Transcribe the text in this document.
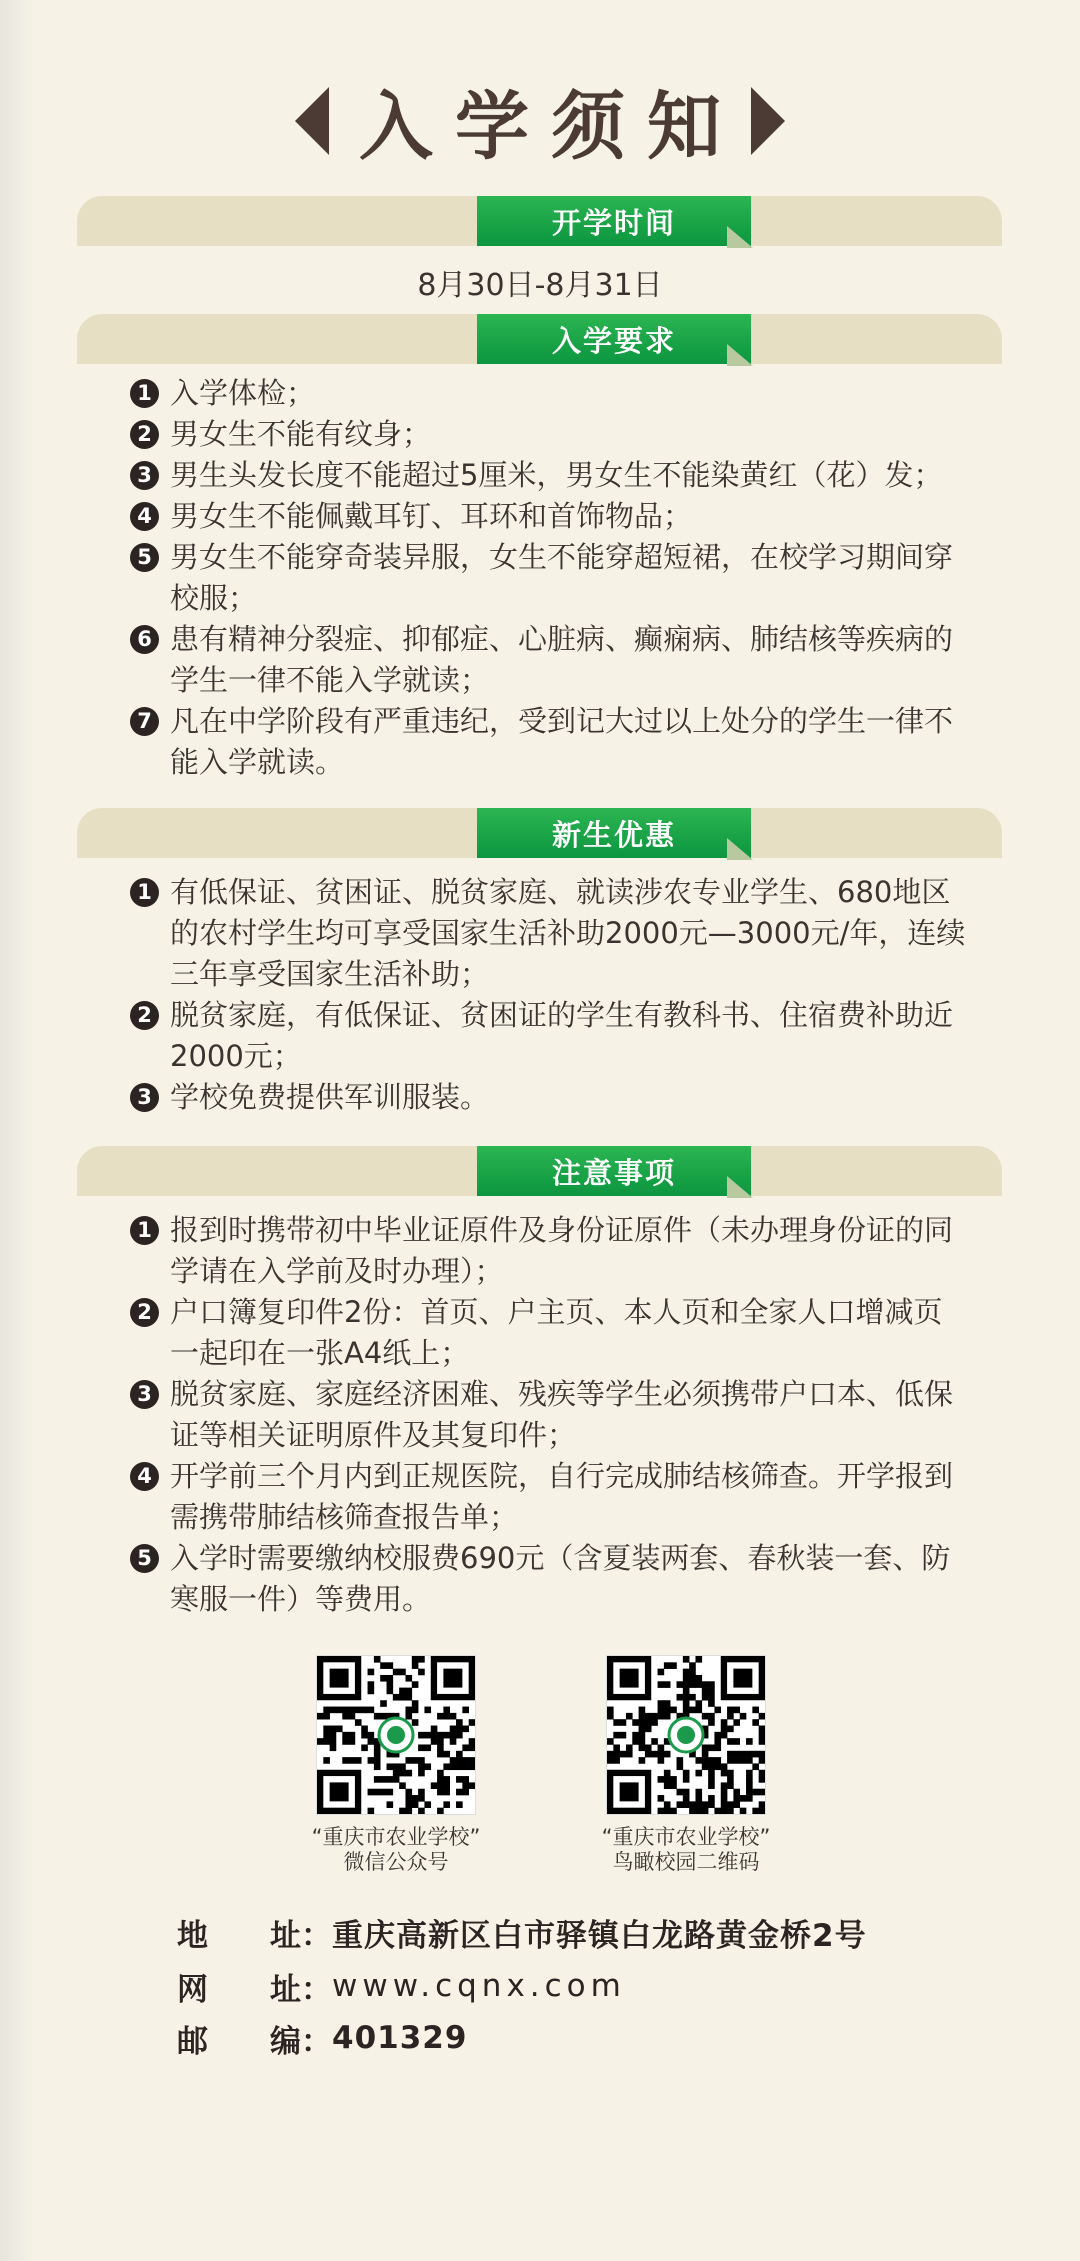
入学须知
开学时间
8月30日-8月31日
入学要求
1 入学体检；
2 男女生不能有纹身；
3 男生头发长度不能超过5厘米，男女生不能染黄红（花）发；
4 男女生不能佩戴耳钉、耳环和首饰物品；
5 男女生不能穿奇装异服，女生不能穿超短裙，在校学习期间穿校服；
6 患有精神分裂症、抑郁症、心脏病、癫痫病、肺结核等疾病的学生一律不能入学就读；
7 凡在中学阶段有严重违纪，受到记大过以上处分的学生一律不能入学就读。
新生优惠
1 有低保证、贫困证、脱贫家庭、就读涉农专业学生、680地区的农村学生均可享受国家生活补助2000元—3000元/年，连续三年享受国家生活补助；
2 脱贫家庭，有低保证、贫困证的学生有教科书、住宿费补助近2000元；
3 学校免费提供军训服装。
注意事项
1 报到时携带初中毕业证原件及身份证原件（未办理身份证的同学请在入学前及时办理）；
2 户口簿复印件2份：首页、户主页、本人页和全家人口增减页一起印在一张A4纸上；
3 脱贫家庭、家庭经济困难、残疾等学生必须携带户口本、低保证等相关证明原件及其复印件；
4 开学前三个月内到正规医院，自行完成肺结核筛查。开学报到需携带肺结核筛查报告单；
5 入学时需要缴纳校服费690元（含夏装两套、春秋装一套、防寒服一件）等费用。
“重庆市农业学校”
微信公众号
“重庆市农业学校”
鸟瞰校园二维码
地 址： 重庆高新区白市驿镇白龙路黄金桥2号
网 址： www.cqnx.com
邮 编： 401329
